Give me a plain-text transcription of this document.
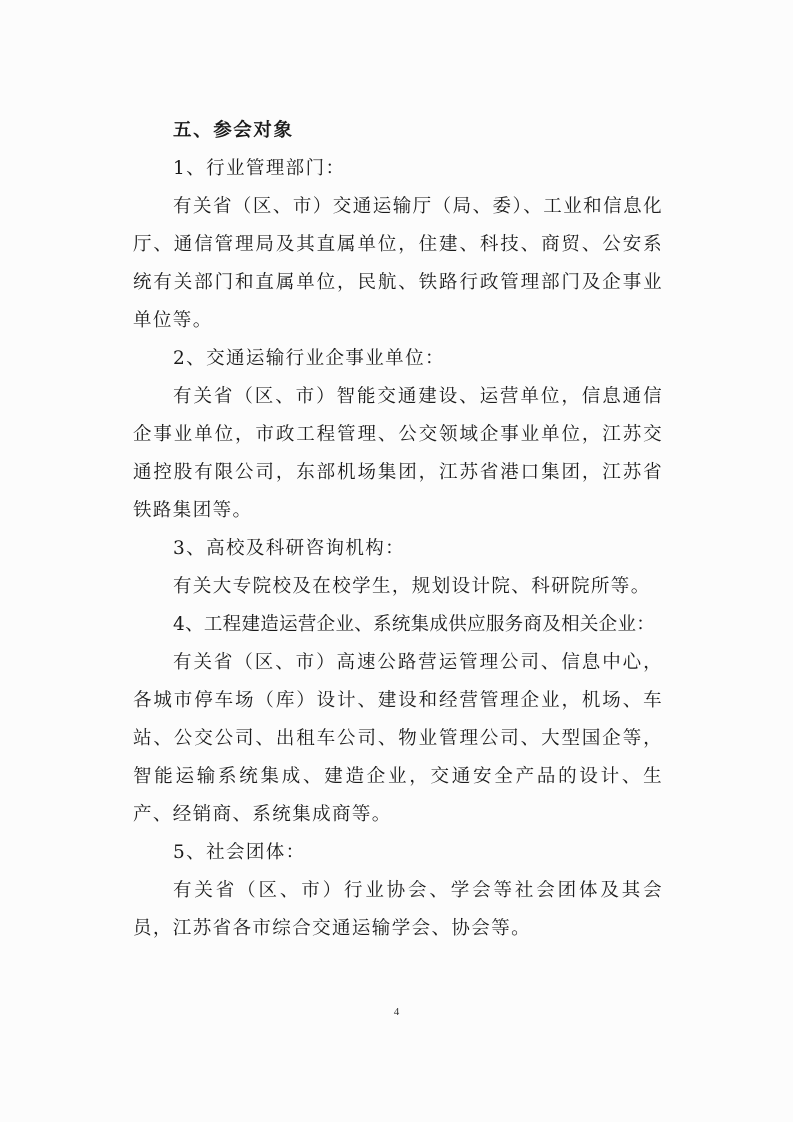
五、参会对象

1、行业管理部门：

有关省（区、市）交通运输厅（局、委）、工业和信息化厅、通信管理局及其直属单位，住建、科技、商贸、公安系统有关部门和直属单位，民航、铁路行政管理部门及企事业单位等。

2、交通运输行业企事业单位：

有关省（区、市）智能交通建设、运营单位，信息通信企事业单位，市政工程管理、公交领域企事业单位，江苏交通控股有限公司，东部机场集团，江苏省港口集团，江苏省铁路集团等。

3、高校及科研咨询机构：

有关大专院校及在校学生，规划设计院、科研院所等。

4、工程建造运营企业、系统集成供应服务商及相关企业：

有关省（区、市）高速公路营运管理公司、信息中心，各城市停车场（库）设计、建设和经营管理企业，机场、车站、公交公司、出租车公司、物业管理公司、大型国企等，智能运输系统集成、建造企业，交通安全产品的设计、生产、经销商、系统集成商等。

5、社会团体：

有关省（区、市）行业协会、学会等社会团体及其会员，江苏省各市综合交通运输学会、协会等。

4
